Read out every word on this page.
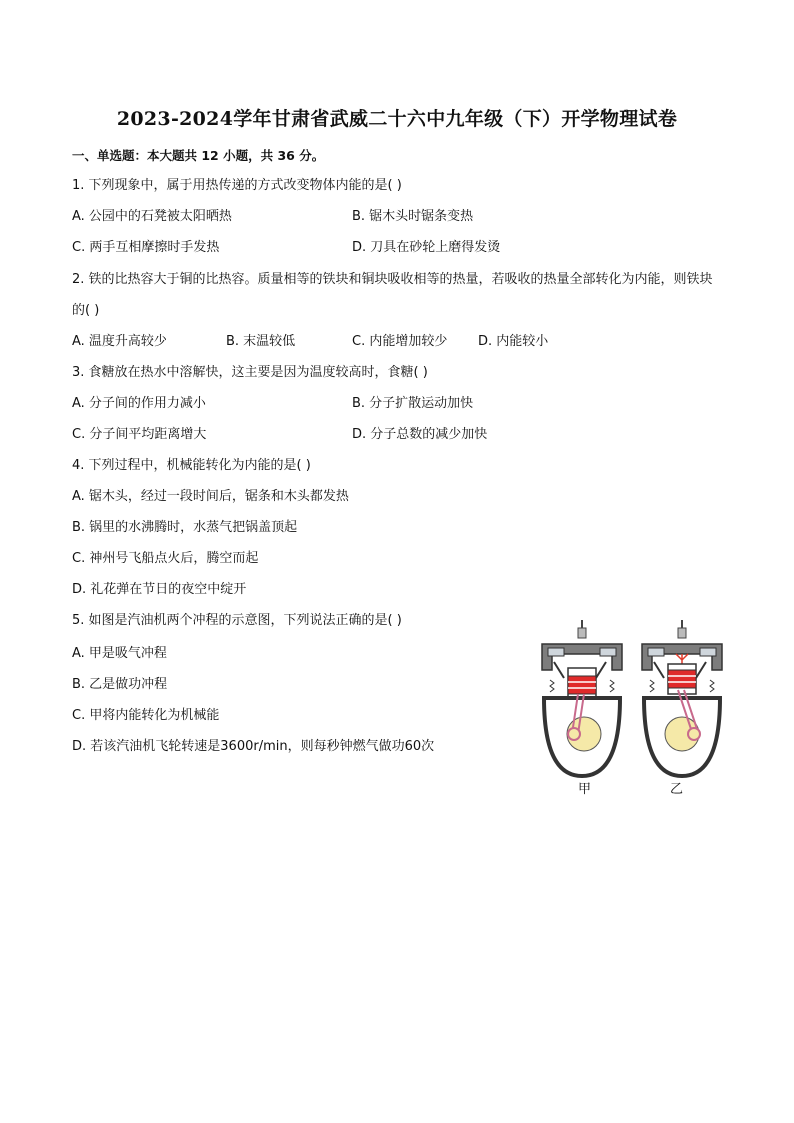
2023-2024学年甘肃省武威二十六中九年级（下）开学物理试卷
一、单选题：本大题共 12 小题，共 36 分。
1. 下列现象中，属于用热传递的方式改变物体内能的是( )
A. 公园中的石凳被太阳晒热	B. 锯木头时锯条变热
C. 两手互相摩擦时手发热	D. 刀具在砂轮上磨得发烫
2. 铁的比热容大于铜的比热容。质量相等的铁块和铜块吸收相等的热量，若吸收的热量全部转化为内能，则铁块的( )
A. 温度升高较少	B. 末温较低	C. 内能增加较少 D. 内能较小
3. 食糖放在热水中溶解快，这主要是因为温度较高时，食糖( )
A. 分子间的作用力减小	B. 分子扩散运动加快
C. 分子间平均距离增大	D. 分子总数的减少加快
4. 下列过程中，机械能转化为内能的是( )
A. 锯木头，经过一段时间后，锯条和木头都发热
B. 锅里的水沸腾时，水蒸气把锅盖顶起
C. 神州号飞船点火后，腾空而起
D. 礼花弹在节日的夜空中绽开
5. 如图是汽油机两个冲程的示意图，下列说法正确的是( )
A. 甲是吸气冲程
B. 乙是做功冲程
C. 甲将内能转化为机械能
D. 若该汽油机飞轮转速是3600r/min，则每秒钟燃气做功60次
甲	乙
